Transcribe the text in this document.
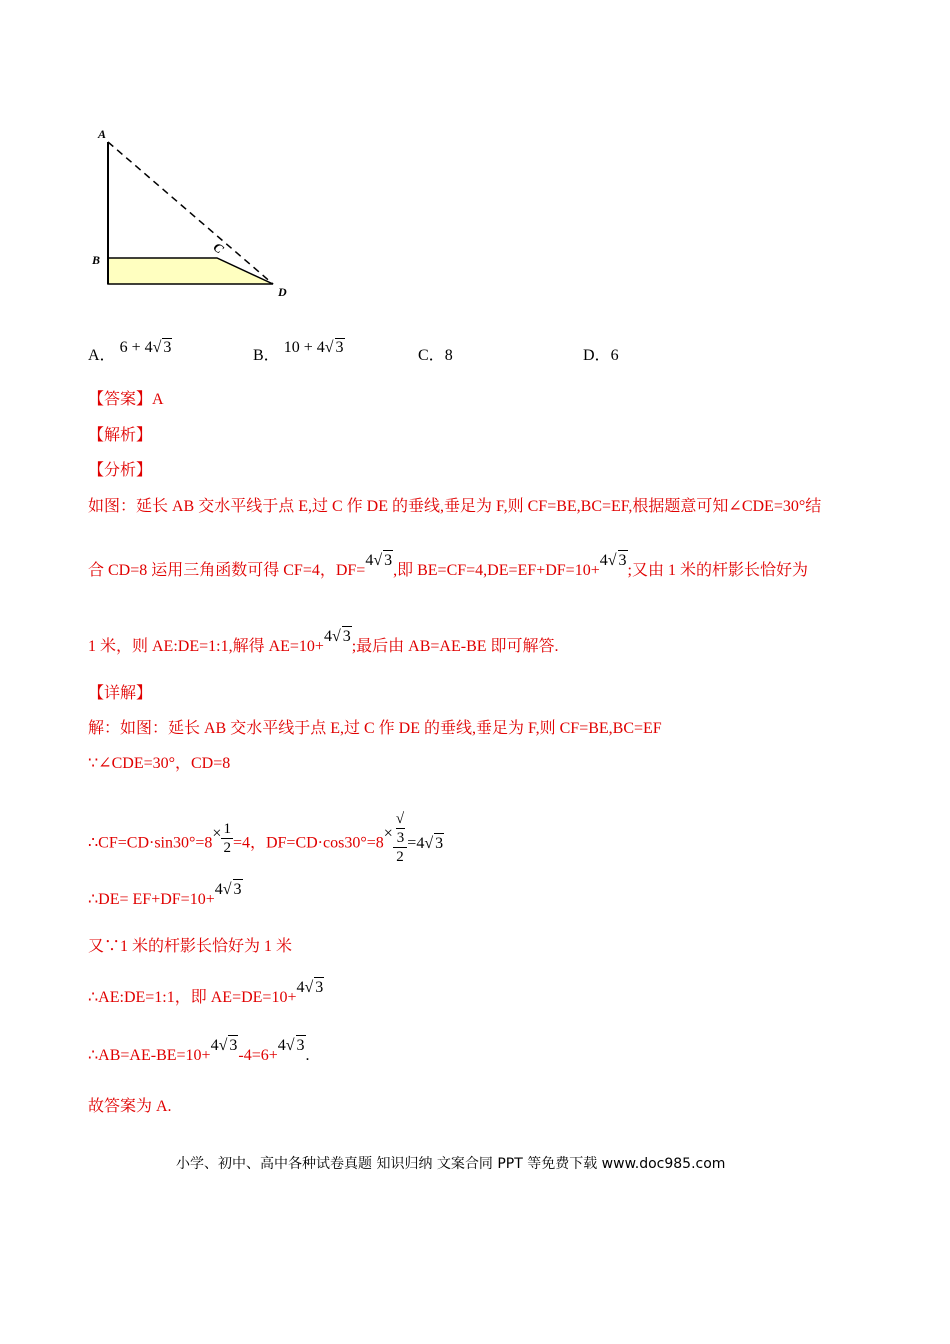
A
B
C
D
A． 6 + 4√ 3	B． 10 + 4√ 3	C．8	D．6
【答案】A
【解析】
【分析】
如图：延长 AB 交水平线于点 E,过 C 作 DE 的垂线,垂足为 F,则 CF=BE,BC=EF,根据题意可知∠CDE=30°结
合 CD=8 运用三角函数可得 CF=4，DF=4√ 3,即 BE=CF=4,DE=EF+DF=10+4√ 3;又由 1 米的杆影长恰好为
1 米，则 AE:DE=1:1,解得 AE=10+4√ 3;最后由 AB=AE-BE 即可解答.
【详解】
解：如图：延长 AB 交水平线于点 E,过 C 作 DE 的垂线,垂足为 F,则 CF=BE,BC=EF
∵∠CDE=30°，CD=8
∴CF=CD·sin30°=8× $\frac{1}{2} =4$，DF=CD·cos30°=8× √
3
2 =4√ 3
∴DE= EF+DF=10+4√ 3
又∵1 米的杆影长恰好为 1 米
∴AE:DE=1:1，即 AE=DE=10+4√ 3
∴AB=AE-BE=10+4√ 3-4=6+4√ 3.
故答案为 A.
小学、初中、高中各种试卷真题 知识归纳 文案合同 PPT 等免费下载 www.doc985.com
